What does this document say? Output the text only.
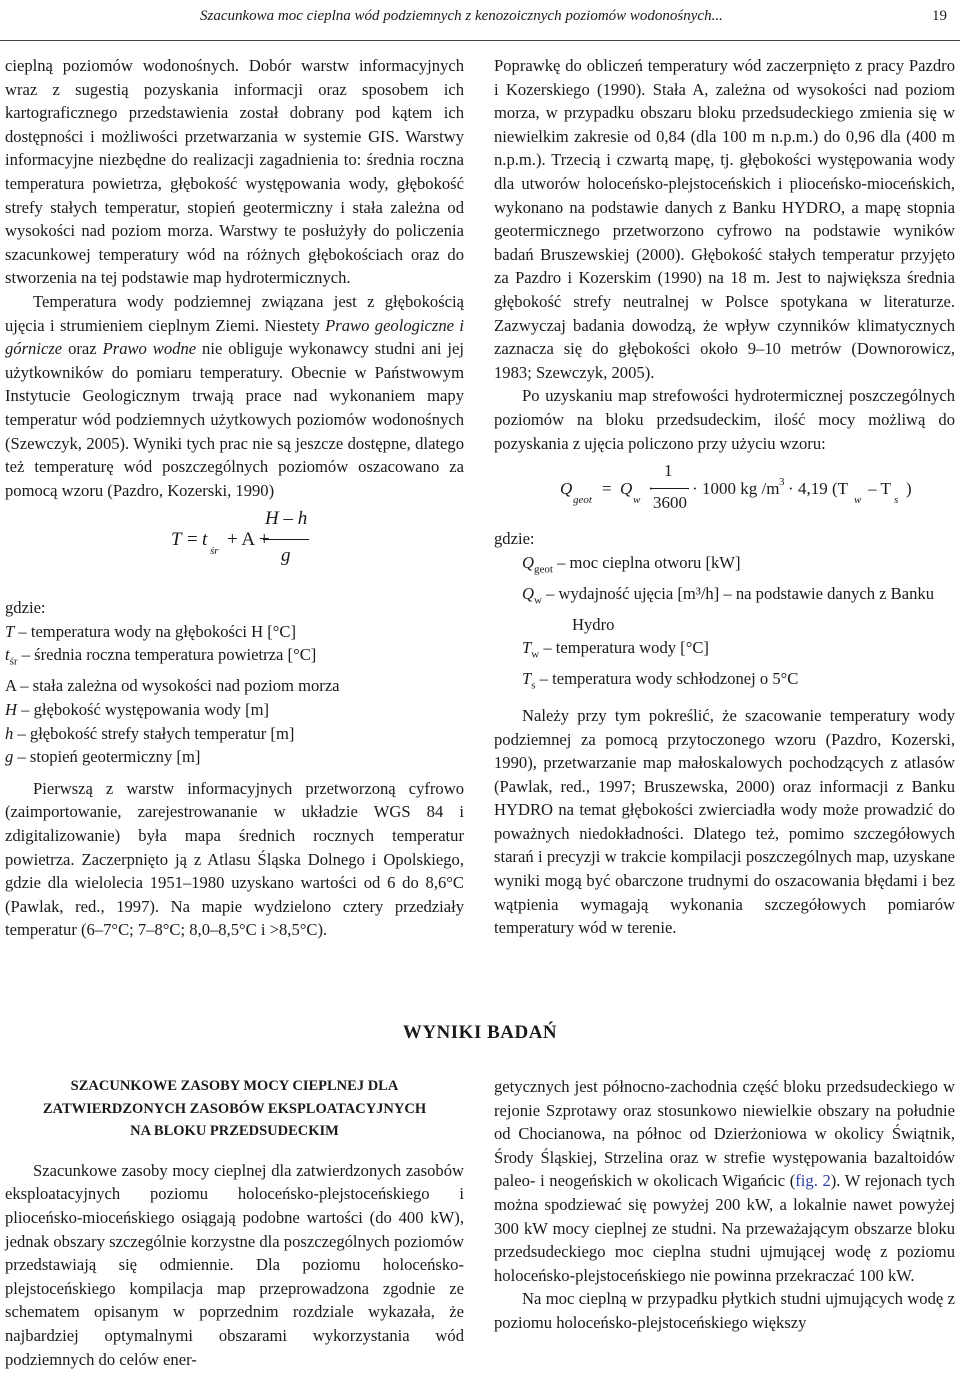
Szacunkowa moc cieplna wód podziemnych z kenozoicznych poziomów wodonośnych...	19

cieplną poziomów wodonośnych. Dobór warstw informacyjnych wraz z sugestią pozyskania informacji oraz sposobem ich kartograficznego przedstawienia został dobrany pod kątem ich dostępności i możliwości przetwarzania w systemie GIS. Warstwy informacyjne niezbędne do realizacji zagadnienia to: średnia roczna temperatura powietrza, głębokość występowania wody, głębokość strefy stałych temperatur, stopień geotermiczny i stała zależna od wysokości nad poziom morza. Warstwy te posłużyły do policzenia szacunkowej temperatury wód na różnych głębokościach oraz do stworzenia na tej podstawie map hydrotermicznych.

Temperatura wody podziemnej związana jest z głębokością ujęcia i strumieniem cieplnym Ziemi. Niestety Prawo geologiczne i górnicze oraz Prawo wodne nie obliguje wykonawcy studni ani jej użytkowników do pomiaru temperatury. Obecnie w Państwowym Instytucie Geologicznym trwają prace nad wykonaniem mapy temperatur wód podziemnych użytkowych poziomów wodonośnych (Szewczyk, 2005). Wyniki tych prac nie są jeszcze dostępne, dlatego też temperaturę wód poszczególnych poziomów oszacowano za pomocą wzoru (Pazdro, Kozerski, 1990)

T = t
śr
+ A +
H – h
g

gdzie:

T – temperatura wody na głębokości H [°C]
$t_{śr}$ – średnia roczna temperatura powietrza [°C]
A – stała zależna od wysokości nad poziom morza
H – głębokość występowania wody [m]
h – głębokość strefy stałych temperatur [m]
g – stopień geotermiczny [m]

Pierwszą z warstw informacyjnych przetworzoną cyfrowo (zaimportowanie, zarejestrowananie w układzie WGS 84 i zdigitalizowanie) była mapa średnich rocznych temperatur powietrza. Zaczerpnięto ją z Atlasu Śląska Dolnego i Opolskiego, gdzie dla wielolecia 1951–1980 uzyskano wartości od 6 do 8,6°C (Pawlak, red., 1997). Na mapie wydzielono cztery przedziały temperatur (6–7°C; 7–8°C; 8,0–8,5°C i >8,5°C).

Poprawkę do obliczeń temperatury wód zaczerpnięto z pracy Pazdro i Kozerskiego (1990). Stała A, zależna od wysokości nad poziom morza, w przypadku obszaru bloku przedsudeckiego zmienia się w niewielkim zakresie od 0,84 (dla 100 m n.p.m.) do 0,96 dla (400 m n.p.m.). Trzecią i czwartą mapę, tj. głębokości występowania wody dla utworów holoceńsko-plejstoceńskich i plioceńsko-mioceńskich, wykonano na podstawie danych z Banku HYDRO, a mapę stopnia geotermicznego przetworzono cyfrowo na podstawie wyników badań Bruszewskiej (2000). Głębokość stałych temperatur przyjęto za Pazdro i Kozerskim (1990) na 18 m. Jest to największa średnia głębokość strefy neutralnej w Polsce spotykana w literaturze. Zazwyczaj badania dowodzą, że wpływ czynników klimatycznych zaznacza się do głębokości około 9–10 metrów (Downorowicz, 1983; Szewczyk, 2005).

Po uzyskaniu map strefowości hydrotermicznej poszczególnych poziomów na bloku przedsudeckim, ilość mocy możliwą do pozyskania z ujęcia policzono przy użyciu wzoru:

Q
geot
= Q
w
·
1
3600
· 1000 kg /m 3 · 4,19 (T
w
– T
s
)

gdzie:

$Q_{geot}$ – moc cieplna otworu [kW]
$Q_w$ – wydajność ujęcia [m³/h] – na podstawie danych z Banku
Hydro
$T_w$ – temperatura wody [°C]
$T_s$ – temperatura wody schłodzonej o 5°C

Należy przy tym pokreślić, że szacowanie temperatury wody podziemnej za pomocą przytoczonego wzoru (Pazdro, Kozerski, 1990), przetwarzanie map małoskalowych pochodzących z atlasów (Pawlak, red., 1997; Bruszewska, 2000) oraz informacji z Banku HYDRO na temat głębokości zwierciadła wody może prowadzić do poważnych niedokładności. Dlatego też, pomimo szczegółowych starań i precyzji w trakcie kompilacji poszczególnych map, uzyskane wyniki mogą być obarczone trudnymi do oszacowania błędami i bez wątpienia wymagają wykonania szczegółowych pomiarów temperatury wód w terenie.

WYNIKI BADAŃ
SZACUNKOWE ZASOBY MOCY CIEPLNEJ DLA
ZATWIERDZONYCH ZASOBÓW EKSPLOATACYJNYCH
NA BLOKU PRZEDSUDECKIM

Szacunkowe zasoby mocy cieplnej dla zatwierdzonych zasobów eksploatacyjnych poziomu holoceńsko-plejstoceńskiego i plioceńsko-mioceńskiego osiągają podobne wartości (do 400 kW), jednak obszary szczególnie korzystne dla poszczególnych poziomów przedstawiają się odmiennie. Dla poziomu holoceńsko-plejstoceńskiego kompilacja map przeprowadzona zgodnie ze schematem opisanym w poprzednim rozdziale wykazała, że najbardziej optymalnymi obszarami wykorzystania wód podziemnych do celów ener-

getycznych jest północno-zachodnia część bloku przedsudeckiego w rejonie Szprotawy oraz stosunkowo niewielkie obszary na południe od Chocianowa, na północ od Dzierżoniowa w okolicy Świątnik, Środy Śląskiej, Strzelina oraz w strefie występowania bazaltoidów paleo- i neogeńskich w okolicach Wigańcic (fig. 2). W rejonach tych można spodziewać się powyżej 200 kW, a lokalnie nawet powyżej 300 kW mocy cieplnej ze studni. Na przeważającym obszarze bloku przedsudeckiego moc cieplna studni ujmującej wodę z poziomu holoceńsko-plejstoceńskiego nie powinna przekraczać 100 kW.

Na moc cieplną w przypadku płytkich studni ujmujących wodę z poziomu holoceńsko-plejstoceńskiego większy
